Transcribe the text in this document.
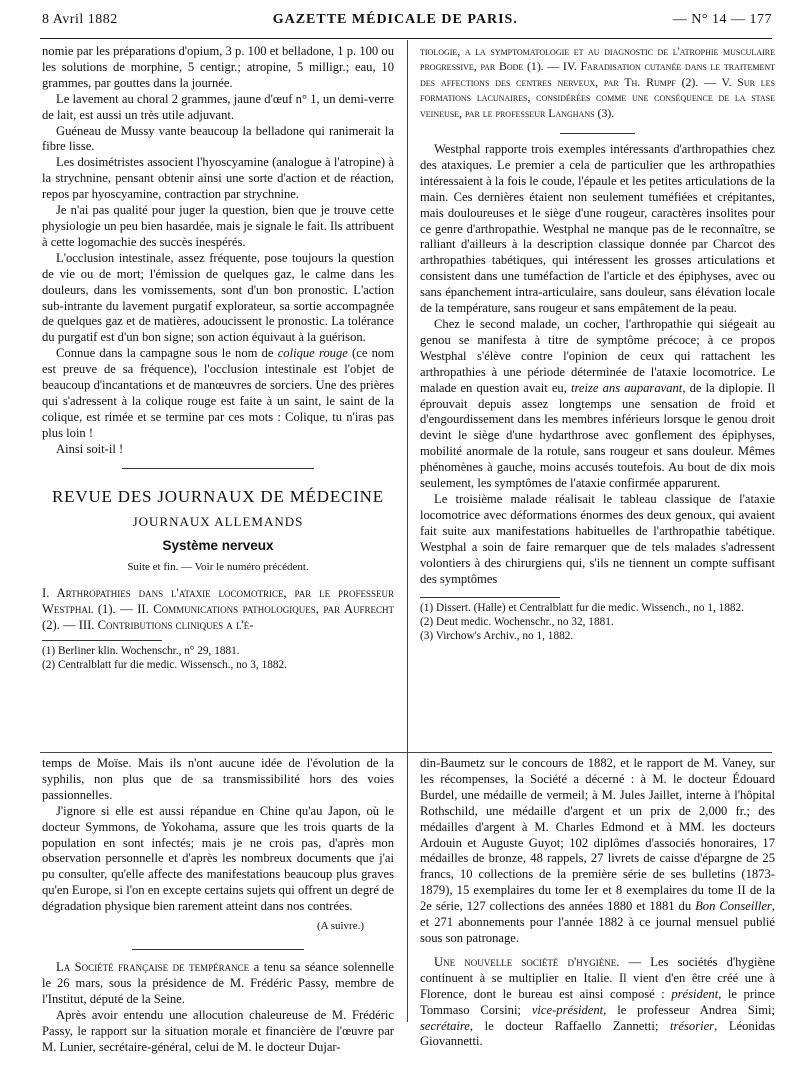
8 Avril 1882	GAZETTE MÉDICALE DE PARIS.	— N° 14 — 177

nomie par les préparations d'opium, 3 p. 100 et belladone, 1 p. 100 ou les solutions de morphine, 5 centigr.; atropine, 5 milligr.; eau, 10 grammes, par gouttes dans la journée.

Le lavement au choral 2 grammes, jaune d'œuf n° 1, un demi-verre de lait, est aussi un très utile adjuvant.

Guéneau de Mussy vante beaucoup la belladone qui ranimerait la fibre lisse.

Les dosimétristes associent l'hyoscyamine (analogue à l'atropine) à la strychnine, pensant obtenir ainsi une sorte d'action et de réaction, repos par hyoscyamine, contraction par strychnine.

Je n'ai pas qualité pour juger la question, bien que je trouve cette physiologie un peu bien hasardée, mais je signale le fait. Ils attribuent à cette logomachie des succès inespérés.

L'occlusion intestinale, assez fréquente, pose toujours la question de vie ou de mort; l'émission de quelques gaz, le calme dans les douleurs, dans les vomissements, sont d'un bon pronostic. L'action sub-intrante du lavement purgatif explorateur, sa sortie accompagnée de quelques gaz et de matières, adoucissent le pronostic. La tolérance du purgatif est d'un bon signe; son action équivaut à la guérison.

Connue dans la campagne sous le nom de colique rouge (ce nom est preuve de sa fréquence), l'occlusion intestinale est l'objet de beaucoup d'incantations et de manœuvres de sorciers. Une des prières qui s'adressent à la colique rouge est faite à un saint, le saint de la colique, est rimée et se termine par ces mots : Colique, tu n'iras pas plus loin !

Ainsi soit-il !

REVUE DES JOURNAUX DE MÉDECINE
JOURNAUX ALLEMANDS
Système nerveux
Suite et fin. — Voir le numéro précédent.

I. Arthropathies dans l'ataxie locomotrice, par le professeur Westphal (1). — II. Communications pathologiques, par Aufrecht (2). — III. Contributions cliniques a l'é-

(1) Berliner klin. Wochenschr., n° 29, 1881.

(2) Centralblatt fur die medic. Wissensch., no 3, 1882.

tiologie, a la symptomatologie et au diagnostic de l'atrophie musculaire progressive, par Bode (1). — IV. Faradisation cutanée dans le traitement des affections des centres nerveux, par Th. Rumpf (2). — V. Sur les formations lacunaires, considérées comme une conséquence de la stase veineuse, par le professeur Langhans (3).

Westphal rapporte trois exemples intéressants d'arthropathies chez des ataxiques. Le premier a cela de particulier que les arthropathies intéressaient à la fois le coude, l'épaule et les petites articulations de la main. Ces dernières étaient non seulement tuméfiées et crépitantes, mais douloureuses et le siège d'une rougeur, caractères insolites pour ce genre d'arthropathie. Westphal ne manque pas de le reconnaître, se ralliant d'ailleurs à la description classique donnée par Charcot des arthropathies tabétiques, qui intéressent les grosses articulations et consistent dans une tuméfaction de l'article et des épiphyses, avec ou sans épanchement intra-articulaire, sans douleur, sans élévation locale de la température, sans rougeur et sans empâtement de la peau.

Chez le second malade, un cocher, l'arthropathie qui siégeait au genou se manifesta à titre de symptôme précoce; à ce propos Westphal s'élève contre l'opinion de ceux qui rattachent les arthropathies à une période déterminée de l'ataxie locomotrice. Le malade en question avait eu, treize ans auparavant, de la diplopie. Il éprouvait depuis assez longtemps une sensation de froid et d'engourdissement dans les membres inférieurs lorsque le genou droit devint le siège d'une hydarthrose avec gonflement des épiphyses, mobilité anormale de la rotule, sans rougeur et sans douleur. Mêmes phénomènes à gauche, moins accusés toutefois. Au bout de dix mois seulement, les symptômes de l'ataxie confirmée apparurent.

Le troisième malade réalisait le tableau classique de l'ataxie locomotrice avec déformations énormes des deux genoux, qui avaient fait suite aux manifestations habituelles de l'arthropathie tabétique. Westphal a soin de faire remarquer que de tels malades s'adressent volontiers à des chirurgiens qui, s'ils ne tiennent un compte suffisant des symptômes

(1) Dissert. (Halle) et Centralblatt fur die medic. Wissench., no 1, 1882.

(2) Deut medic. Wochenschr., no 32, 1881.

(3) Virchow's Archiv., no 1, 1882.

temps de Moïse. Mais ils n'ont aucune idée de l'évolution de la syphilis, non plus que de sa transmissibilité hors des voies passionnelles.

J'ignore si elle est aussi répandue en Chine qu'au Japon, où le docteur Symmons, de Yokohama, assure que les trois quarts de la population en sont infectés; mais je ne crois pas, d'après mon observation personnelle et d'après les nombreux documents que j'ai pu consulter, qu'elle affecte des manifestations beaucoup plus graves qu'en Europe, si l'on en excepte certains sujets qui offrent un degré de dégradation physique bien rarement atteint dans nos contrées.

(A suivre.)

La Société française de tempérance a tenu sa séance solennelle le 26 mars, sous la présidence de M. Frédéric Passy, membre de l'Institut, député de la Seine.

Après avoir entendu une allocution chaleureuse de M. Frédéric Passy, le rapport sur la situation morale et financière de l'œuvre par M. Lunier, secrétaire-général, celui de M. le docteur Dujar-

din-Baumetz sur le concours de 1882, et le rapport de M. Vaney, sur les récompenses, la Société a décerné : à M. le docteur Édouard Burdel, une médaille de vermeil; à M. Jules Jaillet, interne à l'hôpital Rothschild, une médaille d'argent et un prix de 2,000 fr.; des médailles d'argent à M. Charles Edmond et à MM. les docteurs Ardouin et Auguste Guyot; 102 diplômes d'associés honoraires, 17 médailles de bronze, 48 rappels, 27 livrets de caisse d'épargne de 25 francs, 10 collections de la première série de ses bulletins (1873-1879), 15 exemplaires du tome Ier et 8 exemplaires du tome II de la 2e série, 127 collections des années 1880 et 1881 du Bon Conseiller, et 271 abonnements pour l'année 1882 à ce journal mensuel publié sous son patronage.

Une nouvelle société d'hygiène. — Les sociétés d'hygiène continuent à se multiplier en Italie. Il vient d'en être créé une à Florence, dont le bureau est ainsi composé : président, le prince Tommaso Corsini; vice-président, le professeur Andrea Simi; secrétaire, le docteur Raffaello Zannetti; trésorier, Léonidas Giovannetti.
